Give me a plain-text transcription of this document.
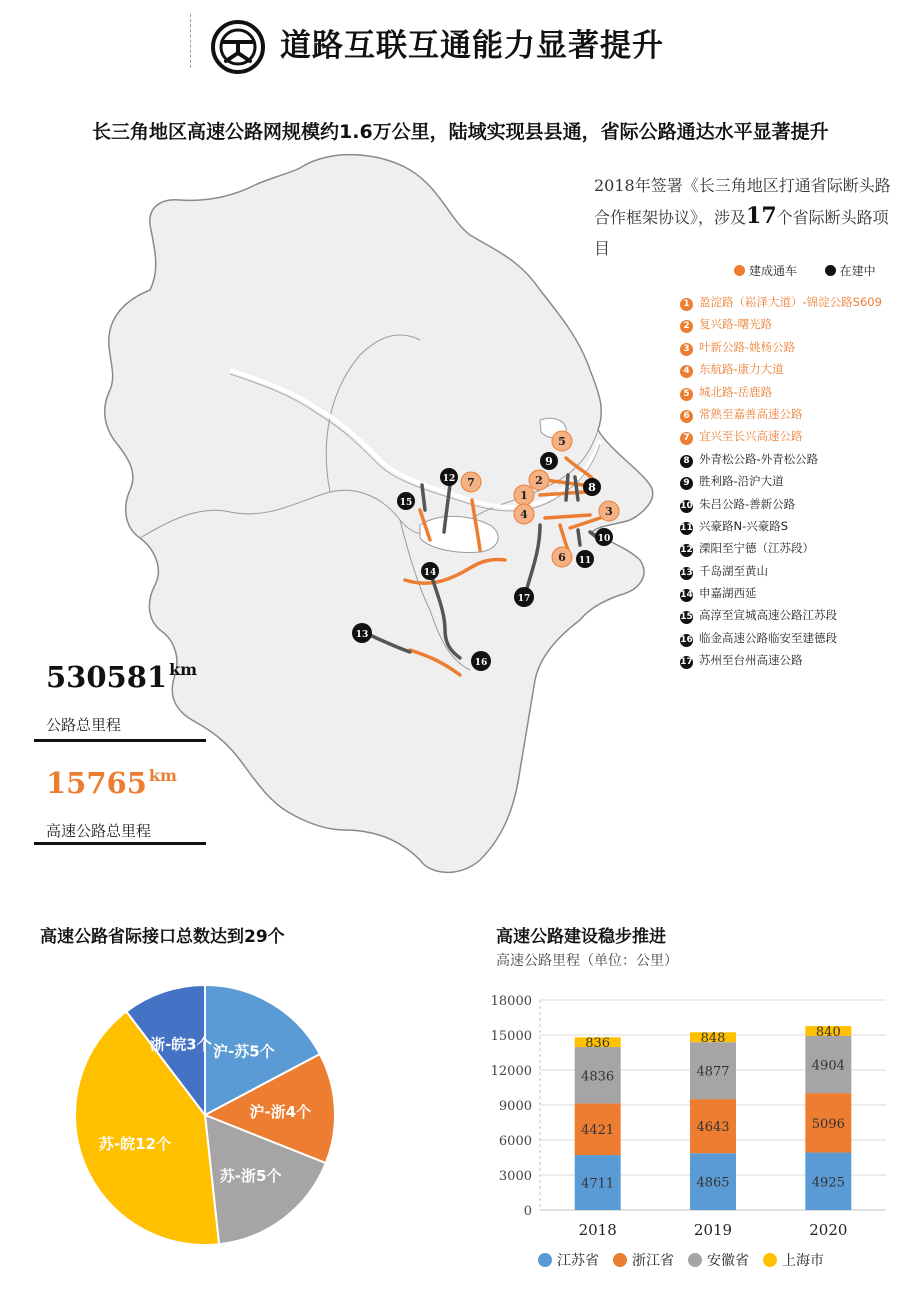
道路互联互通能力显著提升
5
9
2
8
1
4	3
10
6 11
17
12 7
15
14
13
16
长三角地区高速公路网规模约1.6万公里，陆域实现县县通，省际公路通达水平显著提升
2018年签署《长三角地区打通省际断头路合作框架协议》，涉及17个省际断头路项目
建成通车	在建中
1 盈淀路（崧泽大道）-锦淀公路S609
2 复兴路-曙光路
3 叶新公路-姚杨公路
4 东航路-康力大道
5 城北路-岳鹿路
6 常熟至嘉善高速公路
7 宜兴至长兴高速公路
8 外青松公路-外青松公路
9 胜利路-沿沪大道
10 朱吕公路-善新公路
11 兴豪路N-兴豪路S
12 溧阳至宁德（江苏段）
13 千岛湖至黄山
14 申嘉湖西延
15 高淳至宣城高速公路江苏段
16 临金高速公路临安至建德段
17 苏州至台州高速公路
530581 $^{km}$
公路总里程
15765 $^{km}$
高速公路总里程
高速公路省际接口总数达到29个
沪-苏5个
沪-浙4个
苏-浙5个
苏-皖12个
浙-皖3个
高速公路建设稳步推进
高速公路里程（单位：公里）
0
3000
6000
9000
12000
15000
18000
4711
4421
4836
836
2018
4865
4643
4877
848
2019
4925
5096
4904
840
2020
江苏省 浙江省 安徽省 上海市
